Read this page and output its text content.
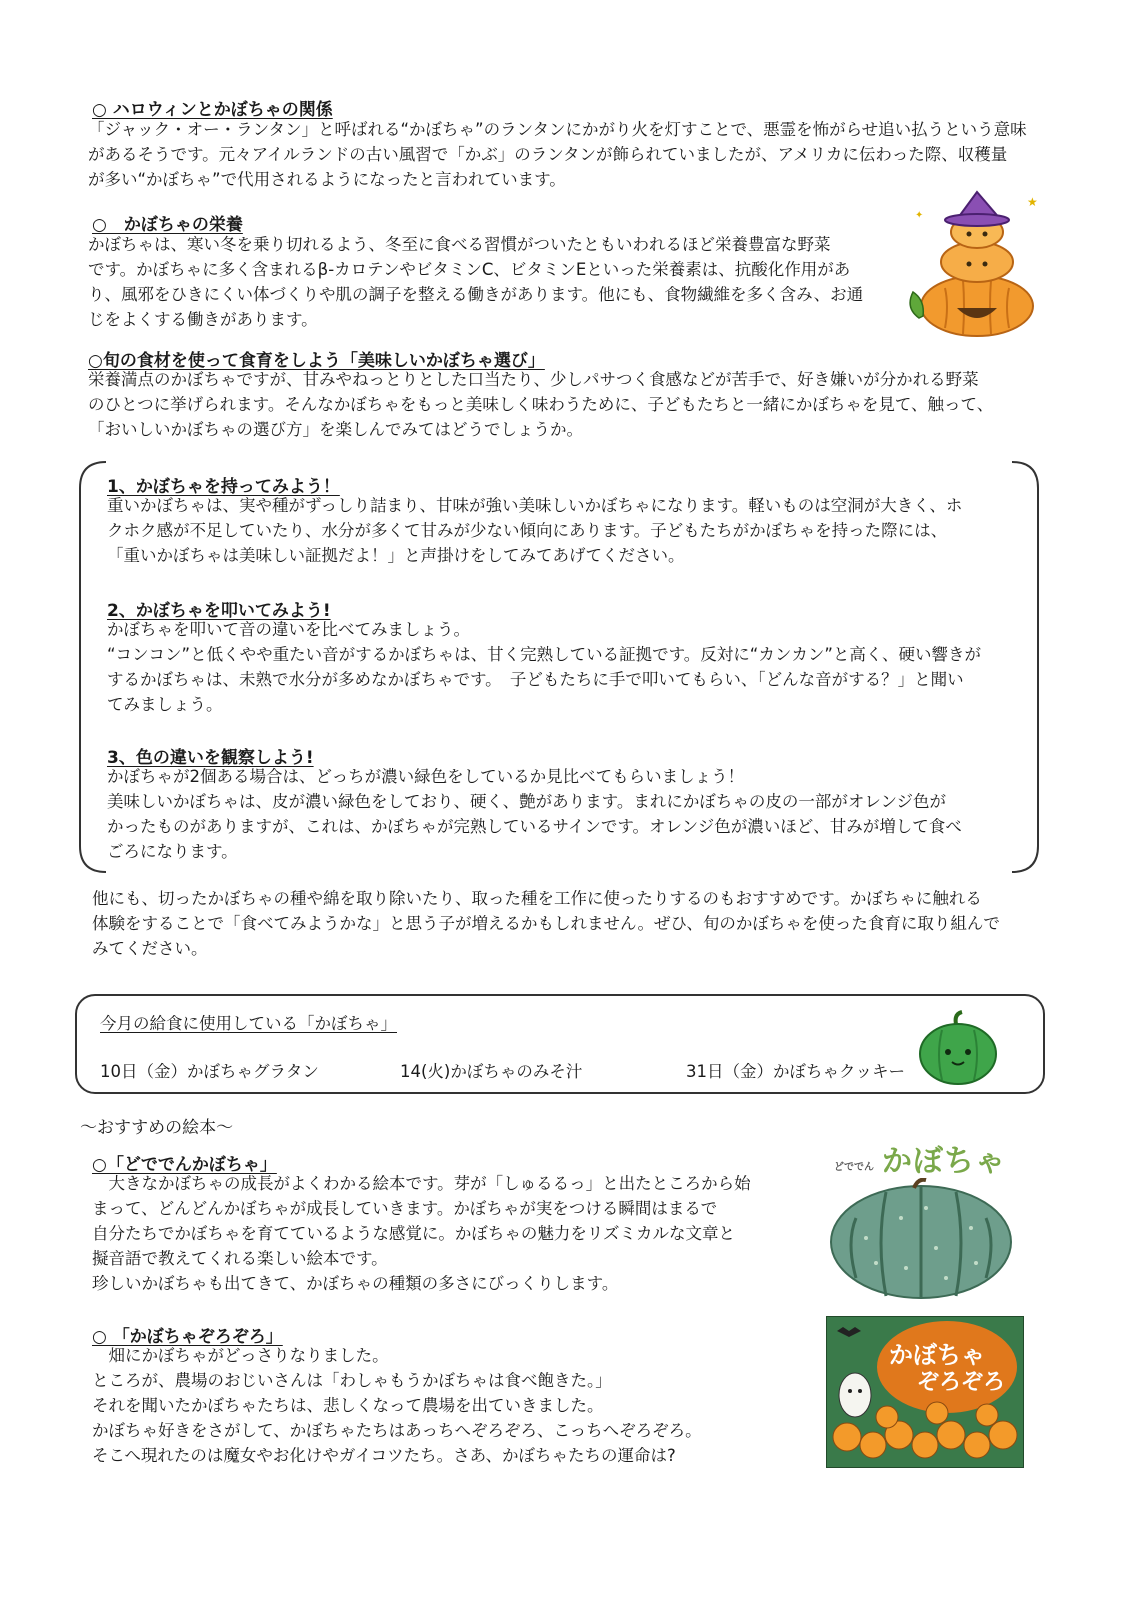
○ ハロウィンとかぼちゃの関係
「ジャック・オー・ランタン」と呼ばれる“かぼちゃ”のランタンにかがり火を灯すことで、悪霊を怖がらせ追い払うという意味
があるそうです。元々アイルランドの古い風習で「かぶ」のランタンが飾られていましたが、アメリカに伝わった際、収穫量
が多い“かぼちゃ”で代用されるようになったと言われています。
○　かぼちゃの栄養
かぼちゃは、寒い冬を乗り切れるよう、冬至に食べる習慣がついたともいわれるほど栄養豊富な野菜
です。かぼちゃに多く含まれるβ-カロテンやビタミンC、ビタミンEといった栄養素は、抗酸化作用があ
り、風邪をひきにくい体づくりや肌の調子を整える働きがあります。他にも、食物繊維を多く含み、お通
じをよくする働きがあります。
★
✦
○旬の食材を使って食育をしよう「美味しいかぼちゃ選び」
栄養満点のかぼちゃですが、甘みやねっとりとした口当たり、少しパサつく食感などが苦手で、好き嫌いが分かれる野菜
のひとつに挙げられます。そんなかぼちゃをもっと美味しく味わうために、子どもたちと一緒にかぼちゃを見て、触って、
「おいしいかぼちゃの選び方」を楽しんでみてはどうでしょうか。
1、かぼちゃを持ってみよう！
重いかぼちゃは、実や種がずっしり詰まり、甘味が強い美味しいかぼちゃになります。軽いものは空洞が大きく、ホ
クホク感が不足していたり、水分が多くて甘みが少ない傾向にあります。子どもたちがかぼちゃを持った際には、
「重いかぼちゃは美味しい証拠だよ！」と声掛けをしてみてあげてください。
2、かぼちゃを叩いてみよう!
かぼちゃを叩いて音の違いを比べてみましょう。
“コンコン”と低くやや重たい音がするかぼちゃは、甘く完熟している証拠です。反対に“カンカン”と高く、硬い響きが
するかぼちゃは、未熟で水分が多めなかぼちゃです。　子どもたちに手で叩いてもらい、「どんな音がする？」と聞い
てみましょう。
3、色の違いを観察しよう!
かぼちゃが2個ある場合は、どっちが濃い緑色をしているか見比べてもらいましょう！
美味しいかぼちゃは、皮が濃い緑色をしており、硬く、艶があります。まれにかぼちゃの皮の一部がオレンジ色が
かったものがありますが、これは、かぼちゃが完熟しているサインです。オレンジ色が濃いほど、甘みが増して食べ
ごろになります。
他にも、切ったかぼちゃの種や綿を取り除いたり、取った種を工作に使ったりするのもおすすめです。かぼちゃに触れる
体験をすることで「食べてみようかな」と思う子が増えるかもしれません。ぜひ、旬のかぼちゃを使った食育に取り組んで
みてください。
今月の給食に使用している「かぼちゃ」
10日（金）かぼちゃグラタン	14(火)かぼちゃのみそ汁	31日（金）かぼちゃクッキー
～おすすめの絵本～
○「どででんかぼちゃ」
　大きなかぼちゃの成長がよくわかる絵本です。芽が「しゅるるっ」と出たところから始
まって、どんどんかぼちゃが成長していきます。かぼちゃが実をつける瞬間はまるで
自分たちでかぼちゃを育てているような感覚に。かぼちゃの魅力をリズミカルな文章と
擬音語で教えてくれる楽しい絵本です。
珍しいかぼちゃも出てきて、かぼちゃの種類の多さにびっくりします。
どででん かぼちゃ
○ 「かぼちゃぞろぞろ」
　畑にかぼちゃがどっさりなりました。
ところが、農場のおじいさんは「わしゃもうかぼちゃは食べ飽きた。」
それを聞いたかぼちゃたちは、悲しくなって農場を出ていきました。
かぼちゃ好きをさがして、かぼちゃたちはあっちへぞろぞろ、こっちへぞろぞろ。
そこへ現れたのは魔女やお化けやガイコツたち。さあ、かぼちゃたちの運命は?
かぼちゃ
ぞろぞろ
